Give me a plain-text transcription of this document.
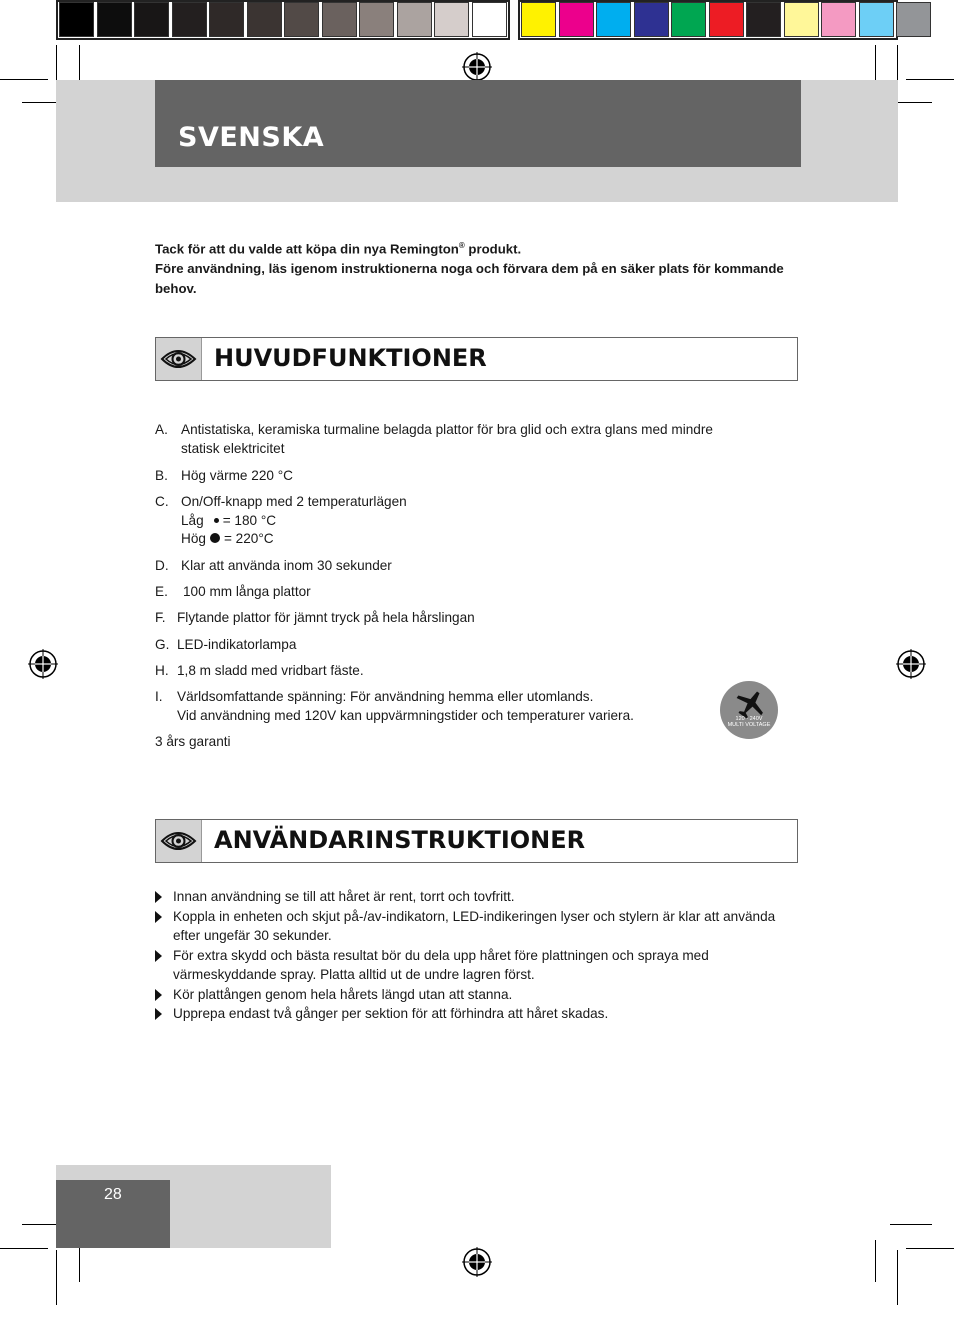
SVENSKA
Tack för att du valde att köpa din nya Remington® produkt.
Före användning, läs igenom instruktionerna noga och förvara dem på en säker plats för kommande behov.
HUVUDFUNKTIONER
A. Antistatiska, keramiska turmaline belagda plattor för bra glid och extra glans med mindre
statisk elektricitet
B. Hög värme 220 °C
C. On/Off-knapp med 2 temperaturlägen
Låg = 180 °C
Hög = 220°C
D. Klar att använda inom 30 sekunder
E. 100 mm långa plattor
F. Flytande plattor för jämnt tryck på hela hårslingan
G. LED-indikatorlampa
H. 1,8 m sladd med vridbart fäste.
I. Världsomfattande spänning: För användning hemma eller utomlands.
Vid användning med 120V kan uppvärmningstider och temperaturer variera.
3 års garanti
120 - 240V
MULTI VOLTAGE
ANVÄNDARINSTRUKTIONER
Innan användning se till att håret är rent, torrt och tovfritt.
Koppla in enheten och skjut på-/av-indikatorn, LED-indikeringen lyser och stylern är klar att använda efter ungefär 30 sekunder.
För extra skydd och bästa resultat bör du dela upp håret före plattningen och spraya med värmeskyddande spray. Platta alltid ut de undre lagren först.
Kör plattången genom hela hårets längd utan att stanna.
Upprepa endast två gånger per sektion för att förhindra att håret skadas.
28
